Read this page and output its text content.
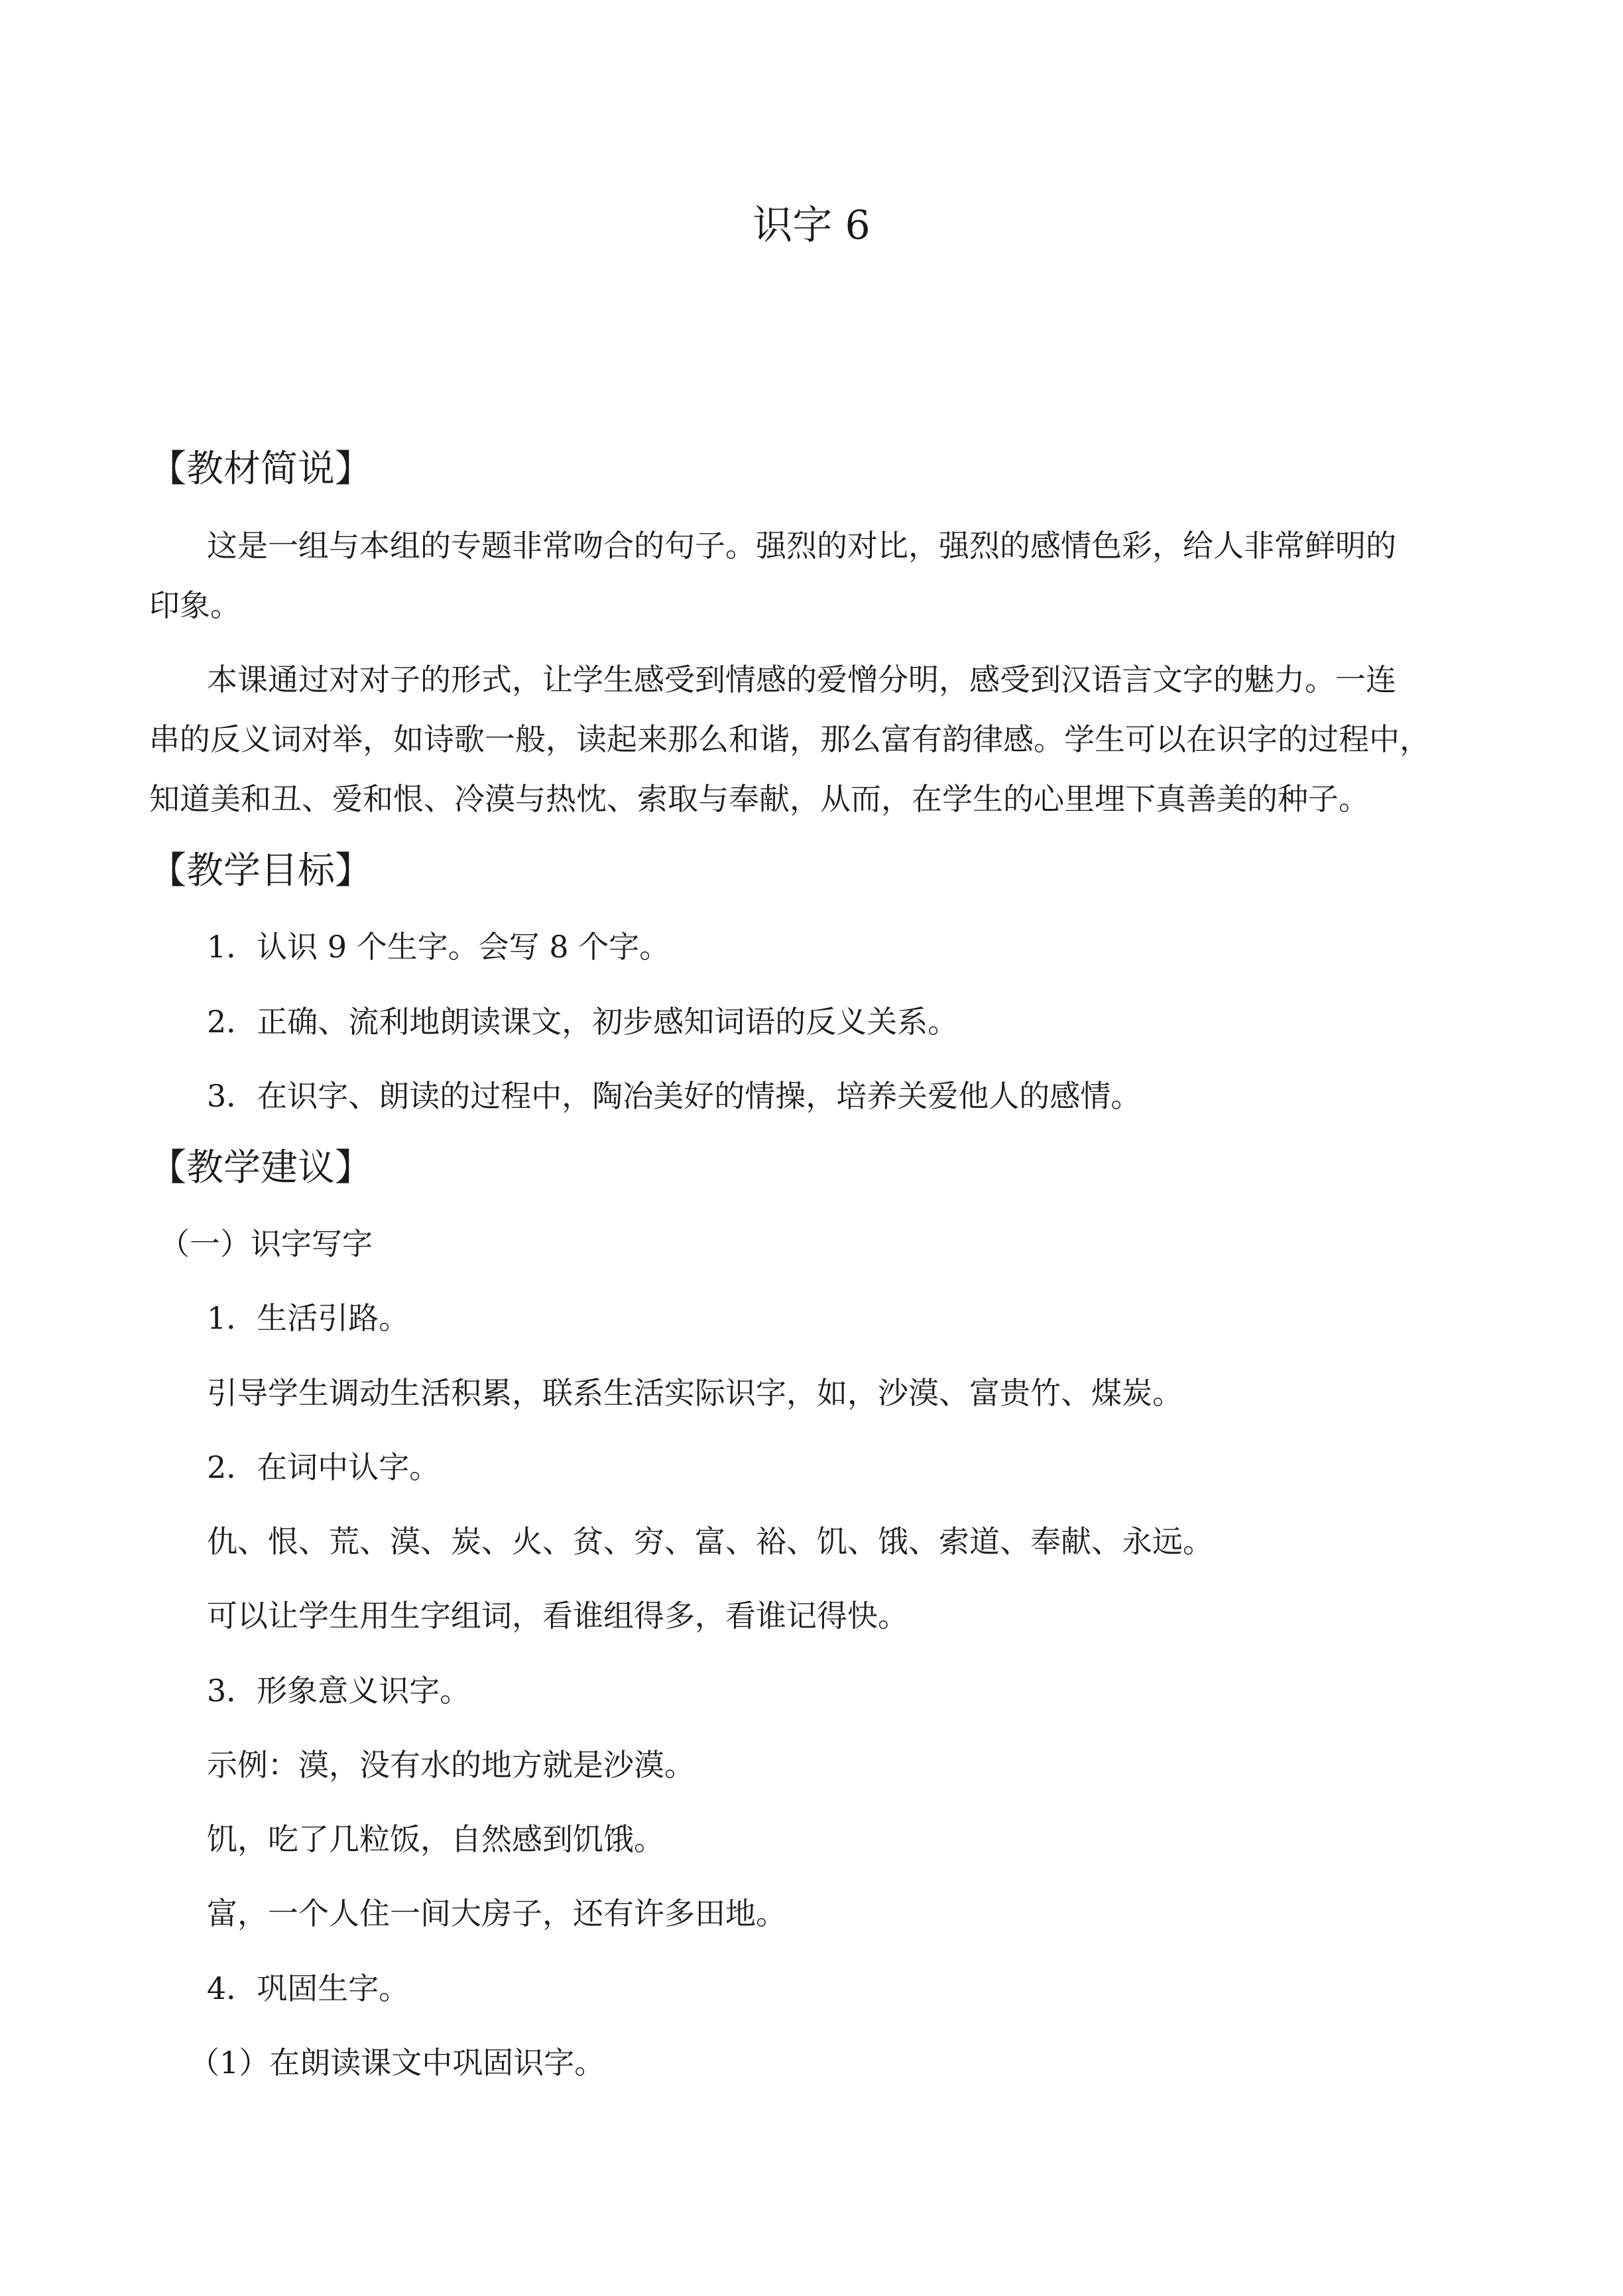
识字 6
【教材简说】
这是一组与本组的专题非常吻合的句子。强烈的对比，强烈的感情色彩，给人非常鲜明的
印象。
本课通过对对子的形式，让学生感受到情感的爱憎分明，感受到汉语言文字的魅力。一连
串的反义词对举，如诗歌一般，读起来那么和谐，那么富有韵律感。学生可以在识字的过程中，
知道美和丑、爱和恨、冷漠与热忱、索取与奉献，从而，在学生的心里埋下真善美的种子。
【教学目标】
1．认识 9 个生字。会写 8 个字。
2．正确、流利地朗读课文，初步感知词语的反义关系。
3．在识字、朗读的过程中，陶冶美好的情操，培养关爱他人的感情。
【教学建议】
（一）识字写字
1．生活引路。
引导学生调动生活积累，联系生活实际识字，如，沙漠、富贵竹、煤炭。
2．在词中认字。
仇、恨、荒、漠、炭、火、贫、穷、富、裕、饥、饿、索道、奉献、永远。
可以让学生用生字组词，看谁组得多，看谁记得快。
3．形象意义识字。
示例：漠，没有水的地方就是沙漠。
饥，吃了几粒饭，自然感到饥饿。
富，一个人住一间大房子，还有许多田地。
4．巩固生字。
（1）在朗读课文中巩固识字。
